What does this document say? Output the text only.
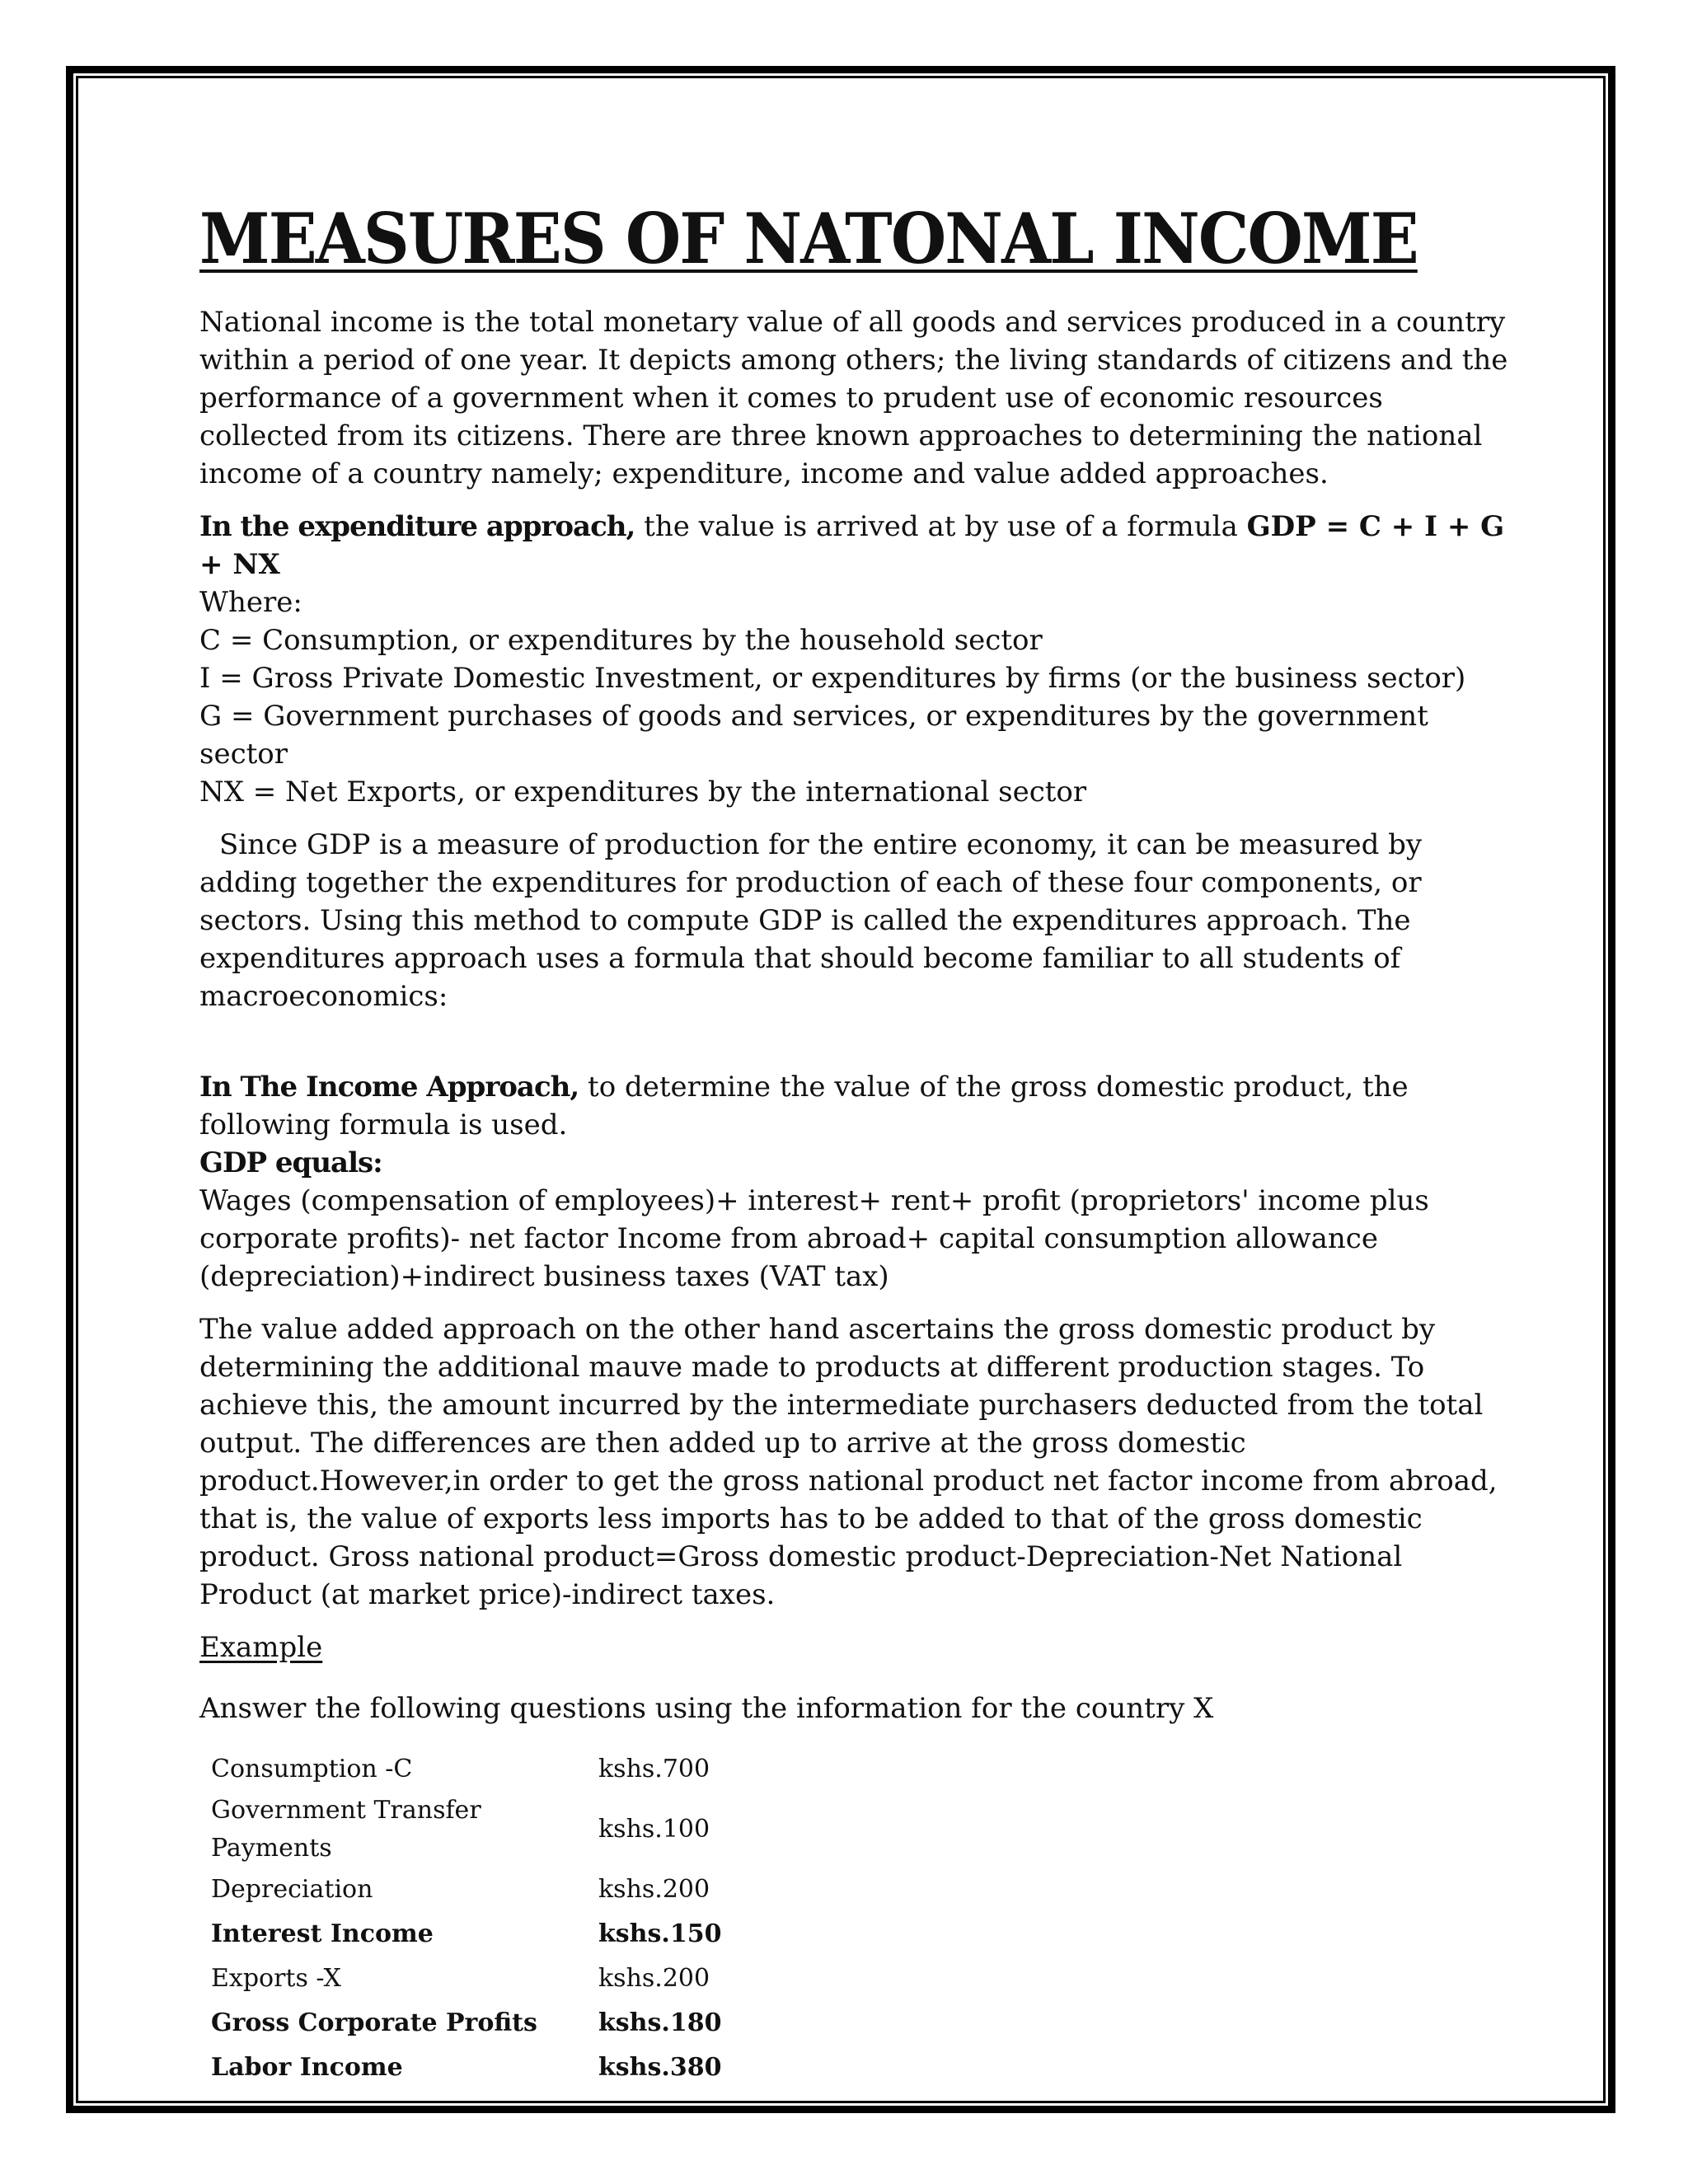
MEASURES OF NATONAL INCOME

National income is the total monetary value of all goods and services produced in a country within a period of one year. It depicts among others; the living standards of citizens and the performance of a government when it comes to prudent use of economic resources collected from its citizens. There are three known approaches to determining the national income of a country namely; expenditure, income and value added approaches.

In the expenditure approach, the value is arrived at by use of a formula GDP = C + I + G + NX

Where:
C = Consumption, or expenditures by the household sector
I = Gross Private Domestic Investment, or expenditures by firms (or the business sector)
G = Government purchases of goods and services, or expenditures by the government sector
NX = Net Exports, or expenditures by the international sector

Since GDP is a measure of production for the entire economy, it can be measured by adding together the expenditures for production of each of these four components, or sectors. Using this method to compute GDP is called the expenditures approach. The expenditures approach uses a formula that should become familiar to all students of macroeconomics:

In The Income Approach, to determine the value of the gross domestic product, the following formula is used.

GDP equals:

Wages (compensation of employees)+ interest+ rent+ profit (proprietors' income plus corporate profits)- net factor Income from abroad+ capital consumption allowance (depreciation)+indirect business taxes (VAT tax)

The value added approach on the other hand ascertains the gross domestic product by determining the additional mauve made to products at different production stages. To achieve this, the amount incurred by the intermediate purchasers deducted from the total output. The differences are then added up to arrive at the gross domestic product.However,in order to get the gross national product net factor income from abroad, that is, the value of exports less imports has to be added to that of the gross domestic product. Gross national product=Gross domestic product-Depreciation-Net National Product (at market price)-indirect taxes.

Example

Answer the following questions using the information for the country X

Consumption -C	kshs.700
Government Transfer Payments	kshs.100
Depreciation	kshs.200
Interest Income	kshs.150
Exports -X	kshs.200
Gross Corporate Profits	kshs.180
Labor Income	kshs.380
